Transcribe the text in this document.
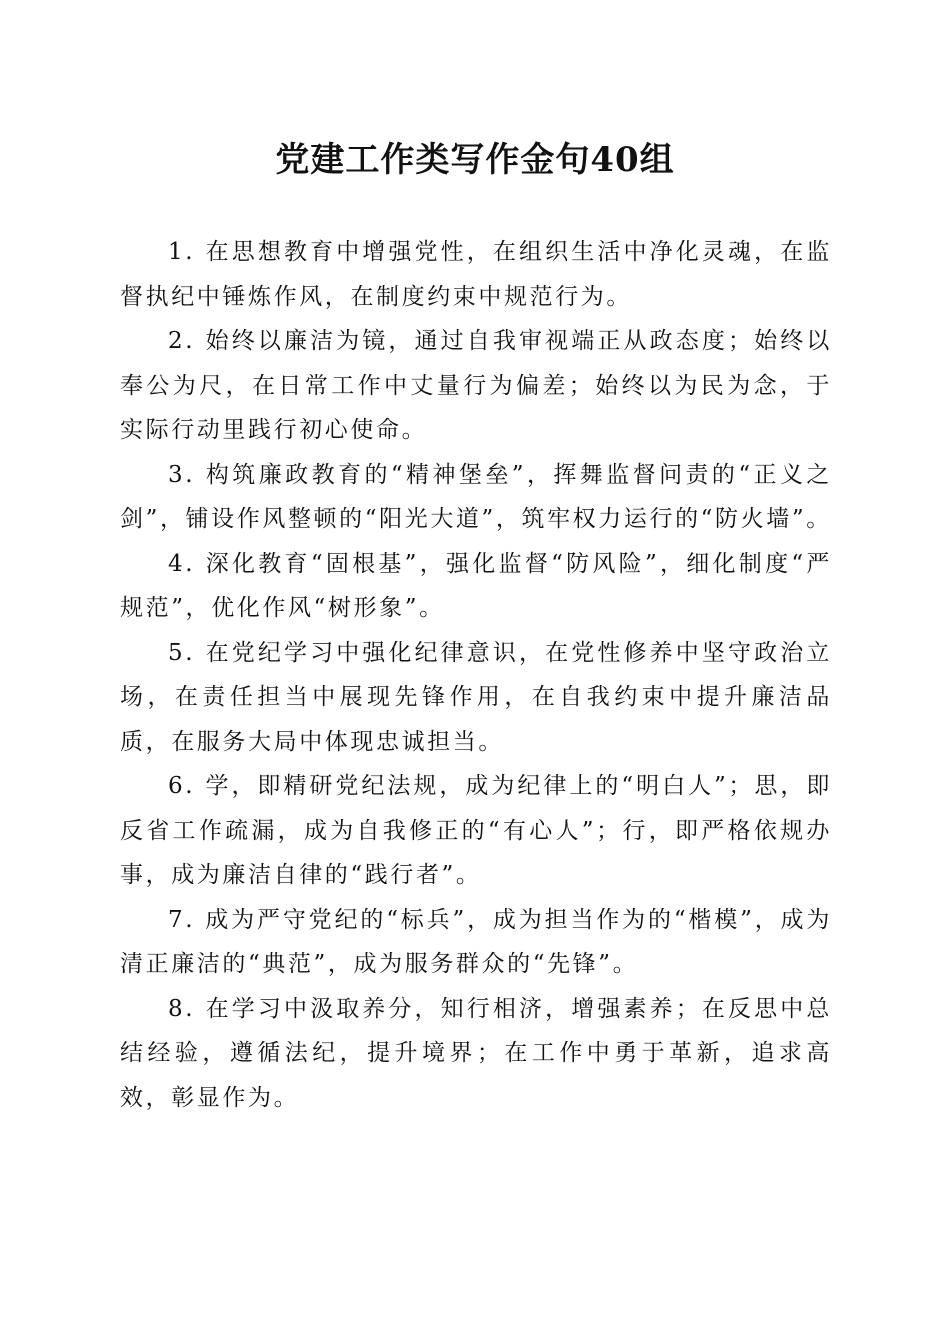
党建工作类写作金句40组

1. 在思想教育中增强党性，在组织生活中净化灵魂，在监督执纪中锤炼作风，在制度约束中规范行为。

2. 始终以廉洁为镜，通过自我审视端正从政态度；始终以奉公为尺，在日常工作中丈量行为偏差；始终以为民为念，于实际行动里践行初心使命。

3. 构筑廉政教育的“精神堡垒”，挥舞监督问责的“正义之剑”，铺设作风整顿的“阳光大道”，筑牢权力运行的“防火墙”。

4. 深化教育“固根基”，强化监督“防风险”，细化制度“严规范”，优化作风“树形象”。

5. 在党纪学习中强化纪律意识，在党性修养中坚守政治立场，在责任担当中展现先锋作用，在自我约束中提升廉洁品质，在服务大局中体现忠诚担当。

6. 学，即精研党纪法规，成为纪律上的“明白人”；思，即反省工作疏漏，成为自我修正的“有心人”；行，即严格依规办事，成为廉洁自律的“践行者”。

7. 成为严守党纪的“标兵”，成为担当作为的“楷模”，成为清正廉洁的“典范”，成为服务群众的“先锋”。

8. 在学习中汲取养分，知行相济，增强素养；在反思中总结经验，遵循法纪，提升境界；在工作中勇于革新，追求高效，彰显作为。
